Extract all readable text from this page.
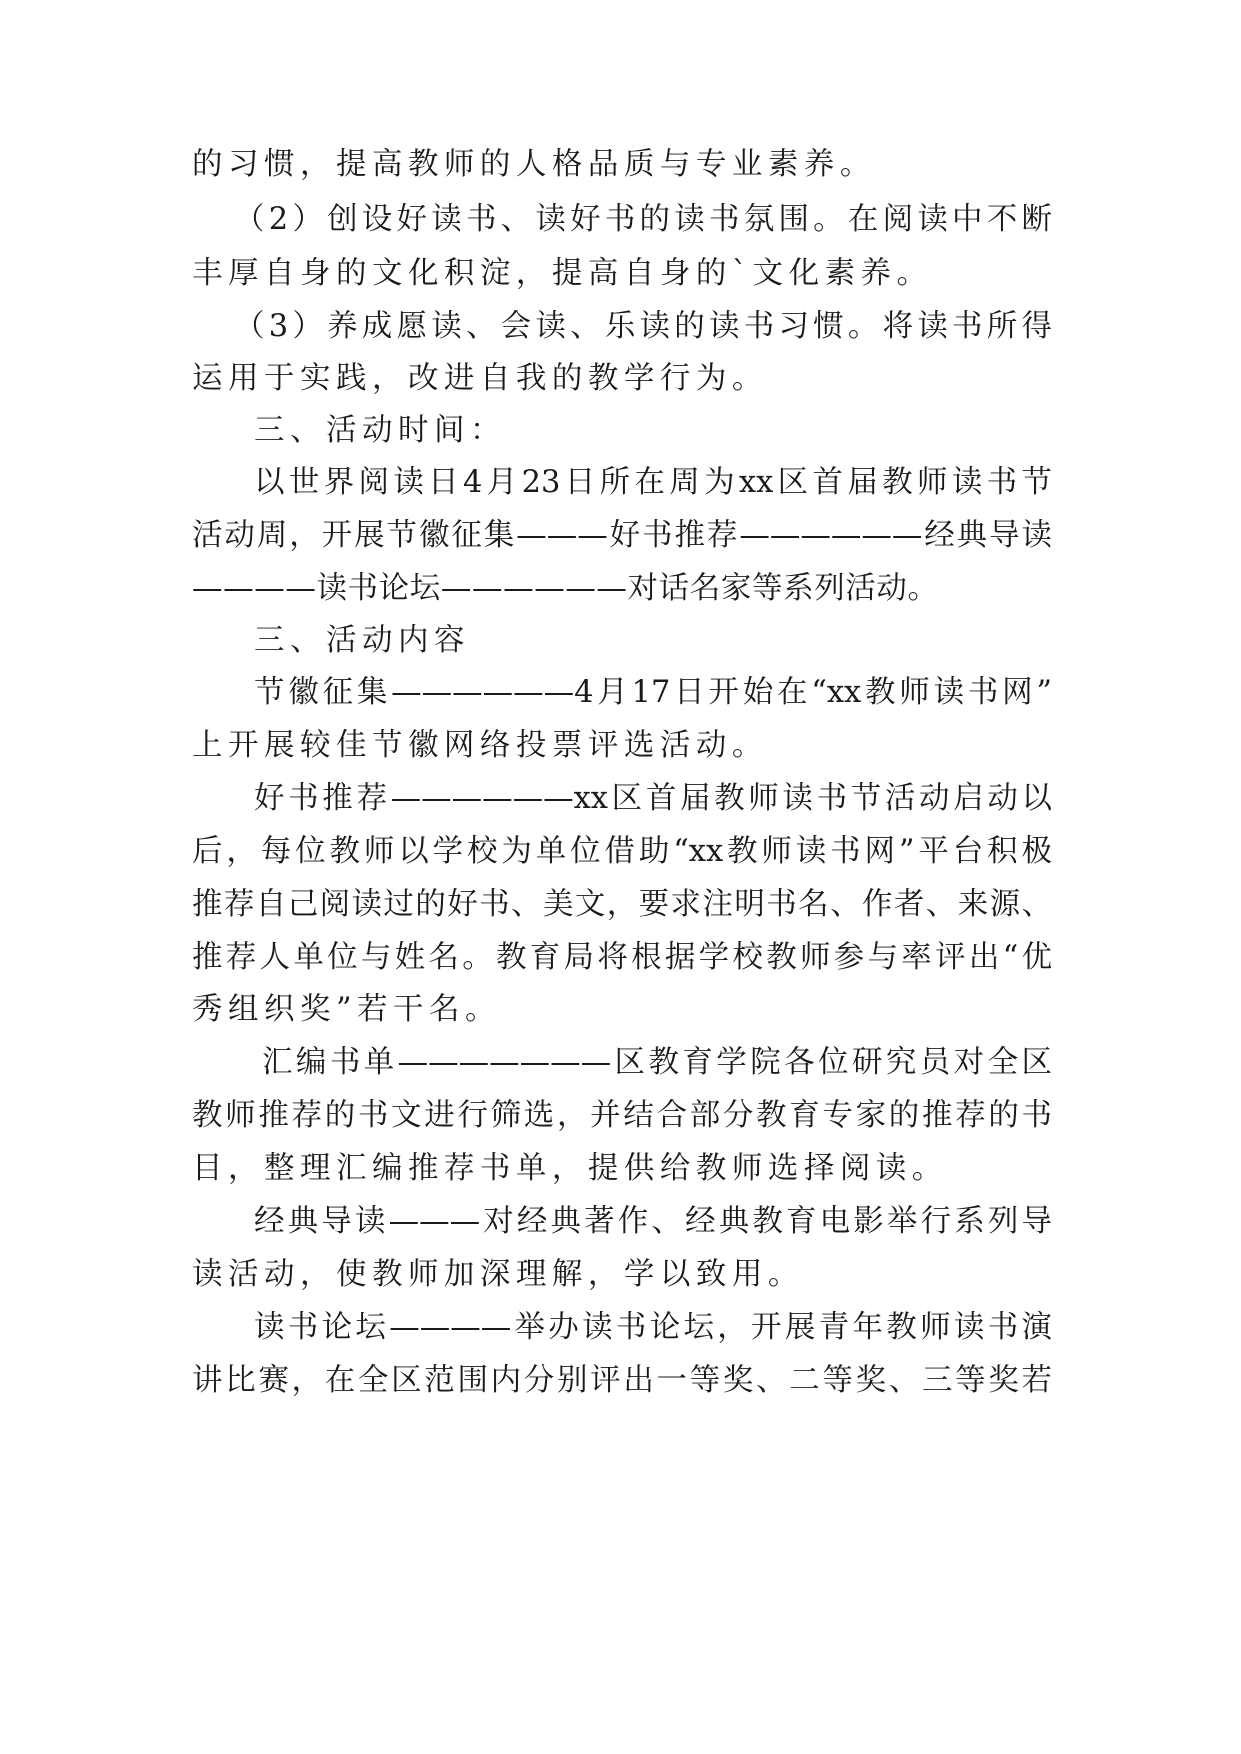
的习惯，提高教师的人格品质与专业素养。
（2）创设好读书、读好书的读书氛围。在阅读中不断
丰厚自身的文化积淀，提高自身的`文化素养。
（3）养成愿读、会读、乐读的读书习惯。将读书所得
运用于实践，改进自我的教学行为。
三、活动时间：
以世界阅读日4月23日所在周为xx区首届教师读书节
活动周，开展节徽征集———好书推荐——————经典导读
————读书论坛——————对话名家等系列活动。
三、活动内容
节徽征集——————4月17日开始在“xx教师读书网”
上开展较佳节徽网络投票评选活动。
好书推荐——————xx区首届教师读书节活动启动以
后，每位教师以学校为单位借助“xx教师读书网”平台积极
推荐自己阅读过的好书、美文，要求注明书名、作者、来源、
推荐人单位与姓名。教育局将根据学校教师参与率评出“优
秀组织奖”若干名。
汇编书单———————区教育学院各位研究员对全区
教师推荐的书文进行筛选，并结合部分教育专家的推荐的书
目，整理汇编推荐书单，提供给教师选择阅读。
经典导读———对经典著作、经典教育电影举行系列导
读活动，使教师加深理解，学以致用。
读书论坛————举办读书论坛，开展青年教师读书演
讲比赛，在全区范围内分别评出一等奖、二等奖、三等奖若
